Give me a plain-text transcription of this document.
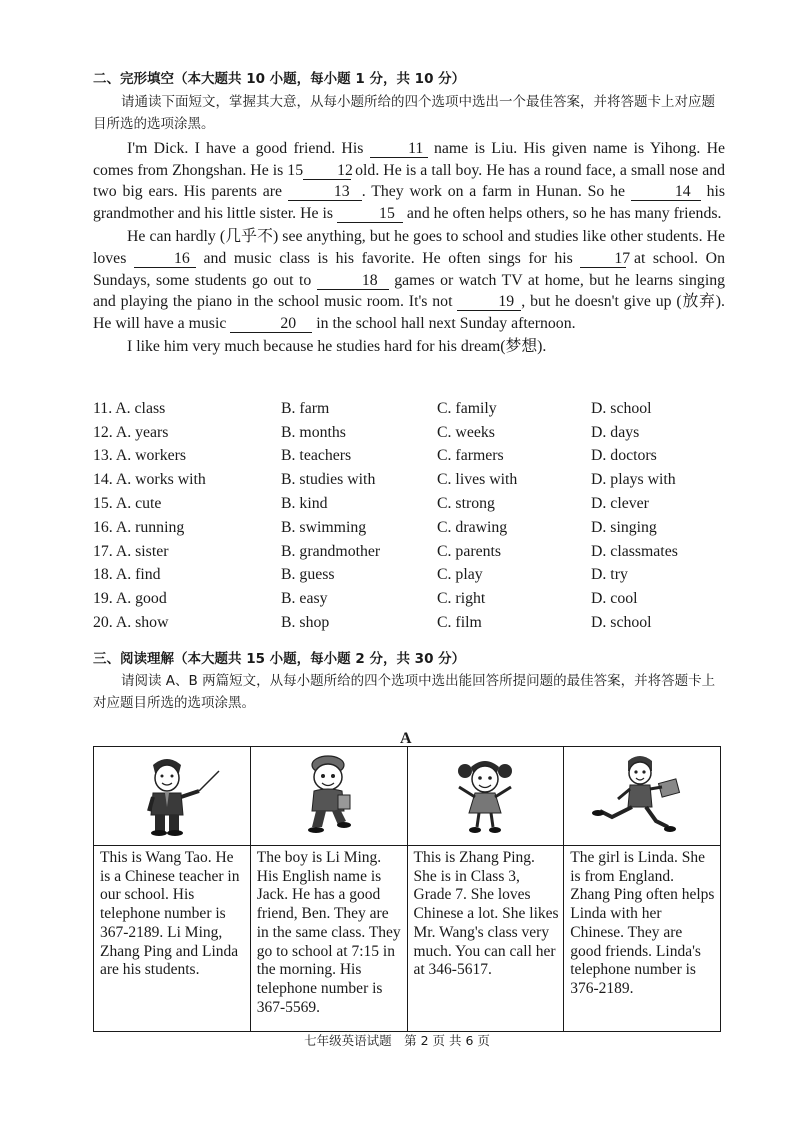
二、完形填空（本大题共 10 小题，每小题 1 分，共 10 分）
请通读下面短文，掌握其大意，从每小题所给的四个选项中选出一个最佳答案，并将答题卡上对应题目所选的选项涂黑。

I'm Dick. I have a good friend. His	11 name is Liu. His given name is Yihong. He comes from Zhongshan. He is 15 12 old. He is a tall boy. He has a round face, a small nose and two big ears. His parents are	13 . They work on a farm in Hunan. So he	14 his grandmother and his little sister. He is	15 and he often helps others, so he has many friends.

He can hardly (几乎不) see anything, but he goes to school and studies like other students. He loves	16 and music class is his favorite. He often sings for his	17 at school. On Sundays, some students go out to	18 games or watch TV at home, but he learns singing and playing the piano in the school music room. It's not	19 , but he doesn't give up (放弃). He will have a music	20 in the school hall next Sunday afternoon.

I like him very much because he studies hard for his dream(梦想).

11. A. class	B. farm	C. family	D. school
12. A. years	B. months	C. weeks	D. days
13. A. workers	B. teachers	C. farmers	D. doctors
14. A. works with	B. studies with	C. lives with	D. plays with
15. A. cute	B. kind	C. strong	D. clever
16. A. running	B. swimming	C. drawing	D. singing
17. A. sister	B. grandmother	C. parents	D. classmates
18. A. find	B. guess	C. play	D. try
19. A. good	B. easy	C. right	D. cool
20. A. show	B. shop	C. film	D. school
三、阅读理解（本大题共 15 小题，每小题 2 分，共 30 分）
请阅读 A、B 两篇短文，从每小题所给的四个选项中选出能回答所提问题的最佳答案，并将答题卡上对应题目所选的选项涂黑。
A

This is Wang Tao. He is a Chinese teacher in our school. His telephone number is 367-2189. Li Ming, Zhang Ping and Linda are his students.	The boy is Li Ming. His English name is Jack. He has a good friend, Ben. They are in the same class. They go to school at 7:15 in the morning. His telephone number is 367-5569.	This is Zhang Ping. She is in Class 3, Grade 7. She loves Chinese a lot. She likes Mr. Wang's class very much. You can call her at 346-5617.	The girl is Linda. She is from England. Zhang Ping often helps Linda with her Chinese. They are good friends. Linda's telephone number is 376-2189.
七年级英语试题　第 2 页 共 6 页
